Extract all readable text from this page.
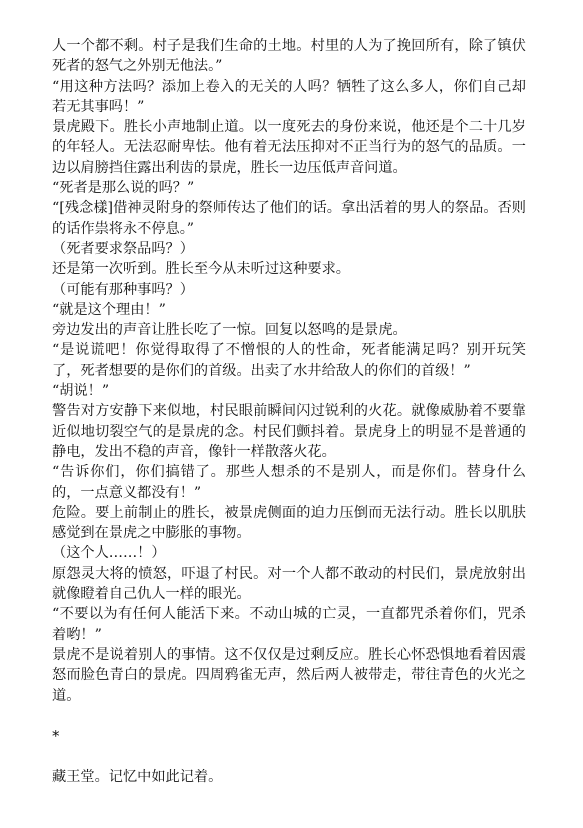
人一个都不剩。村子是我们生命的土地。村里的人为了挽回所有，除了镇伏死者的怒气之外别无他法。”

“用这种方法吗？添加上卷入的无关的人吗？牺牲了这么多人，你们自己却若无其事吗！”

景虎殿下。胜长小声地制止道。以一度死去的身份来说，他还是个二十几岁的年轻人。无法忍耐卑怯。他有着无法压抑对不正当行为的怒气的品质。一边以肩膀挡住露出利齿的景虎，胜长一边压低声音问道。

“死者是那么说的吗？”

“[残念樣]借神灵附身的祭师传达了他们的话。拿出活着的男人的祭品。否则的话作祟将永不停息。”

（死者要求祭品吗？）

还是第一次听到。胜长至今从未听过这种要求。

（可能有那种事吗？）

“就是这个理由！”

旁边发出的声音让胜长吃了一惊。回复以怒鸣的是景虎。

“是说谎吧！你觉得取得了不憎恨的人的性命，死者能满足吗？别开玩笑了，死者想要的是你们的首级。出卖了水井给敌人的你们的首级！”

“胡说！”

警告对方安静下来似地，村民眼前瞬间闪过锐利的火花。就像威胁着不要靠近似地切裂空气的是景虎的念。村民们颤抖着。景虎身上的明显不是普通的静电，发出不稳的声音，像针一样散落火花。

“告诉你们，你们搞错了。那些人想杀的不是别人，而是你们。替身什么的，一点意义都没有！”

危险。要上前制止的胜长，被景虎侧面的迫力压倒而无法行动。胜长以肌肤感觉到在景虎之中膨胀的事物。

（这个人……！）

原怨灵大将的愤怒，吓退了村民。对一个人都不敢动的村民们，景虎放射出就像瞪着自己仇人一样的眼光。

“不要以为有任何人能活下来。不动山城的亡灵，一直都咒杀着你们，咒杀着哟！”

景虎不是说着别人的事情。这不仅仅是过剩反应。胜长心怀恐惧地看着因震怒而脸色青白的景虎。四周鸦雀无声，然后两人被带走，带往青色的火光之道。

*

藏王堂。记忆中如此记着。
